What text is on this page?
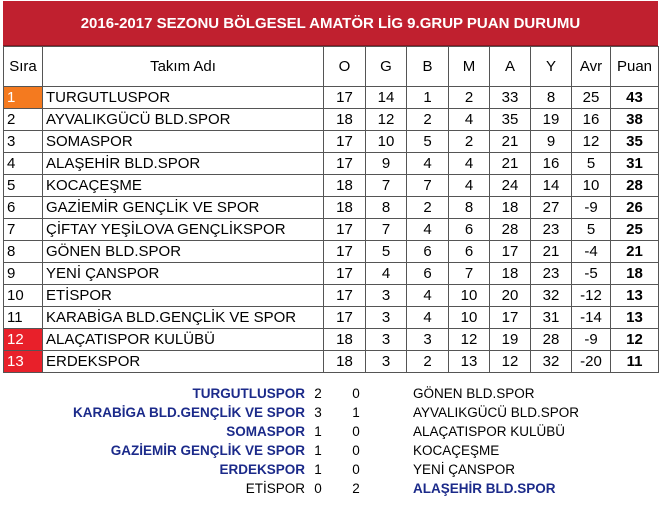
2016-2017 SEZONU BÖLGESEL AMATÖR LİG 9.GRUP PUAN DURUMU
Sıra	Takım Adı	O	G	B	M	A	Y	Avr	Puan
1	TURGUTLUSPOR	17	14	1	2	33	8	25	43
2	AYVALIKGÜCÜ BLD.SPOR	18	12	2	4	35	19	16	38
3	SOMASPOR	17	10	5	2	21	9	12	35
4	ALAŞEHİR BLD.SPOR	17	9	4	4	21	16	5	31
5	KOCAÇEŞME	18	7	7	4	24	14	10	28
6	GAZİEMİR GENÇLİK VE SPOR	18	8	2	8	18	27	-9	26
7	ÇİFTAY YEŞİLOVA GENÇLİKSPOR	17	7	4	6	28	23	5	25
8	GÖNEN BLD.SPOR	17	5	6	6	17	21	-4	21
9	YENİ ÇANSPOR	17	4	6	7	18	23	-5	18
10	ETİSPOR	17	3	4	10	20	32	-12	13
11	KARABİGA BLD.GENÇLİK VE SPOR	17	3	4	10	17	31	-14	13
12	ALAÇATISPOR KULÜBÜ	18	3	3	12	19	28	-9	12
13	ERDEKSPOR	18	3	2	13	12	32	-20	11
TURGUTLUSPOR 2	0	GÖNEN BLD.SPOR
KARABİGA BLD.GENÇLİK VE SPOR 3	1	AYVALIKGÜCÜ BLD.SPOR
SOMASPOR 1	0	ALAÇATISPOR KULÜBÜ
GAZİEMİR GENÇLİK VE SPOR 1	0	KOCAÇEŞME
ERDEKSPOR 1	0	YENİ ÇANSPOR
ETİSPOR 0	2	ALAŞEHİR BLD.SPOR
